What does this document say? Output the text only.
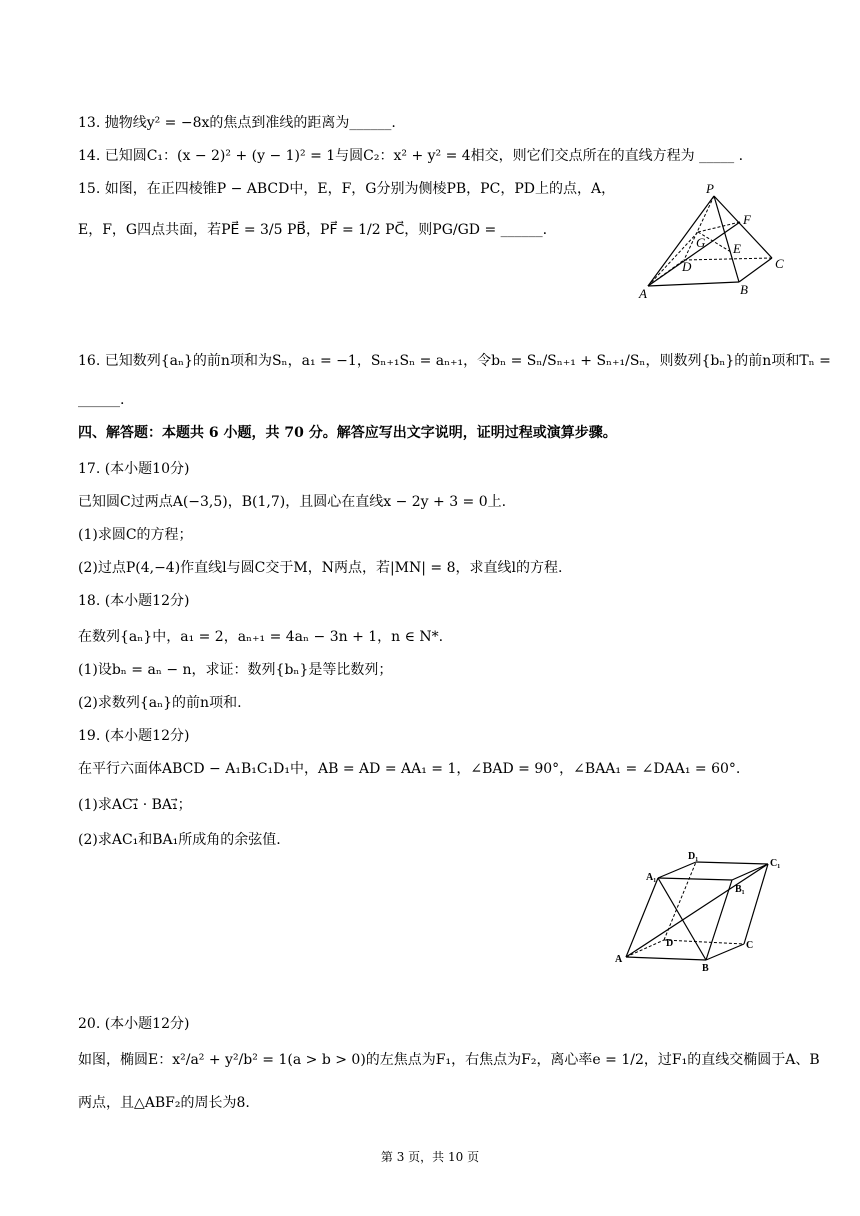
13. 抛物线y² = −8x的焦点到准线的距离为______.
14. 已知圆C₁：(x − 2)² + (y − 1)² = 1与圆C₂：x² + y² = 4相交，则它们交点所在的直线方程为 _____ .
15. 如图，在正四棱锥P − ABCD中，E，F，G分别为侧棱PB，PC，PD上的点，A，
E，F，G四点共面，若PE⃗ = 3/5 PB⃗，PF⃗ = 1/2 PC⃗，则PG/GD = ______.
16. 已知数列{aₙ}的前n项和为Sₙ，a₁ = −1，Sₙ₊₁Sₙ = aₙ₊₁，令bₙ = Sₙ/Sₙ₊₁ + Sₙ₊₁/Sₙ，则数列{bₙ}的前n项和Tₙ =
______.
四、解答题：本题共 6 小题，共 70 分。解答应写出文字说明，证明过程或演算步骤。
17. (本小题10分)
已知圆C过两点A(−3,5)，B(1,7)，且圆心在直线x − 2y + 3 = 0上.
(1)求圆C的方程；
(2)过点P(4,−4)作直线l与圆C交于M，N两点，若|MN| = 8，求直线l的方程.
18. (本小题12分)
在数列{aₙ}中，a₁ = 2，aₙ₊₁ = 4aₙ − 3n + 1，n ∈ N*.
(1)设bₙ = aₙ − n，求证：数列{bₙ}是等比数列；
(2)求数列{aₙ}的前n项和.
19. (本小题12分)
在平行六面体ABCD − A₁B₁C₁D₁中，AB = AD = AA₁ = 1，∠BAD = 90°，∠BAA₁ = ∠DAA₁ = 60°.
(1)求AC₁⃗ · BA₁⃗；
(2)求AC₁和BA₁所成角的余弦值.
20. (本小题12分)
如图，椭圆E：x²/a² + y²/b² = 1(a > b > 0)的左焦点为F₁，右焦点为F₂，离心率e = 1/2，过F₁的直线交椭圆于A、B
两点，且△ABF₂的周长为8.
P
F
G E
D	C
A	B
D₁
C₁
A₁
B₁
D	C
A
B
第 3 页，共 10 页
